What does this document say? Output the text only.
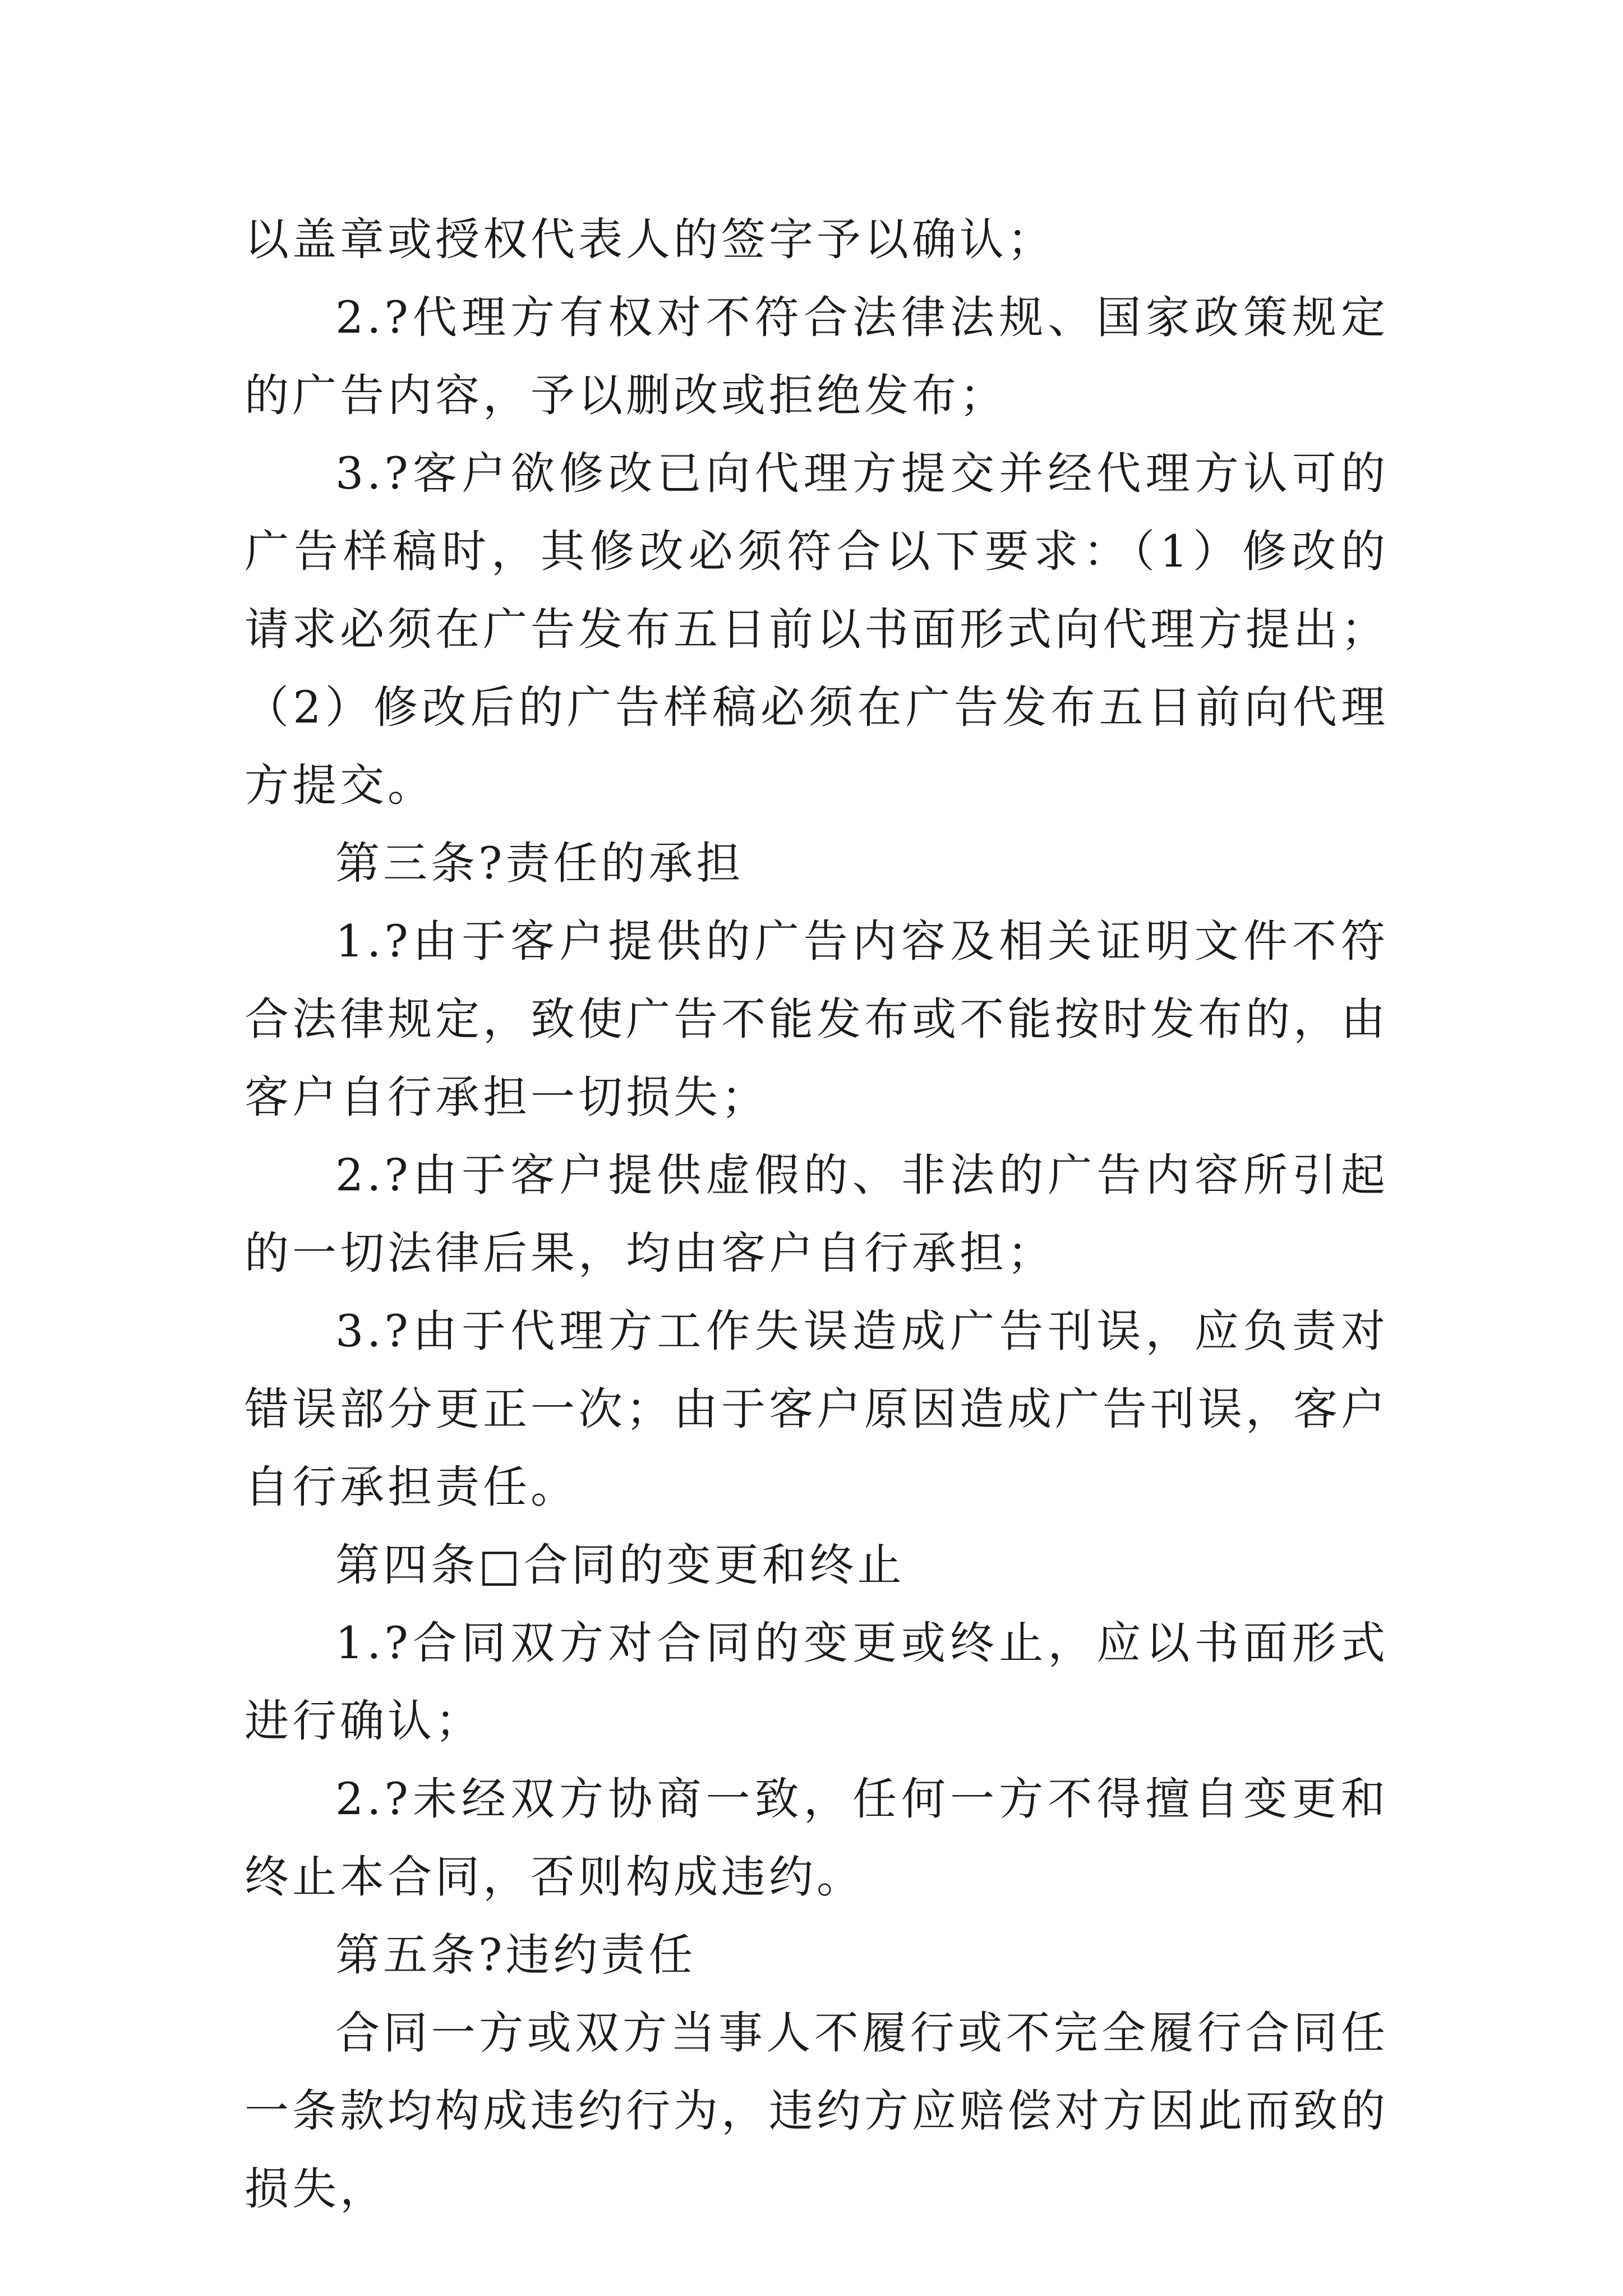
以盖章或授权代表人的签字予以确认；

2.?代理方有权对不符合法律法规、国家政策规定的广告内容，予以删改或拒绝发布；

3.?客户欲修改已向代理方提交并经代理方认可的广告样稿时，其修改必须符合以下要求：（1）修改的请求必须在广告发布五日前以书面形式向代理方提出；（2）修改后的广告样稿必须在广告发布五日前向代理方提交。

第三条?责任的承担

1.?由于客户提供的广告内容及相关证明文件不符合法律规定，致使广告不能发布或不能按时发布的，由客户自行承担一切损失；

2.?由于客户提供虚假的、非法的广告内容所引起的一切法律后果，均由客户自行承担；

3.?由于代理方工作失误造成广告刊误，应负责对错误部分更正一次；由于客户原因造成广告刊误，客户自行承担责任。

第四条□合同的变更和终止

1.?合同双方对合同的变更或终止，应以书面形式进行确认；

2.?未经双方协商一致，任何一方不得擅自变更和终止本合同，否则构成违约。

第五条?违约责任

合同一方或双方当事人不履行或不完全履行合同任一条款均构成违约行为，违约方应赔偿对方因此而致的损失，
